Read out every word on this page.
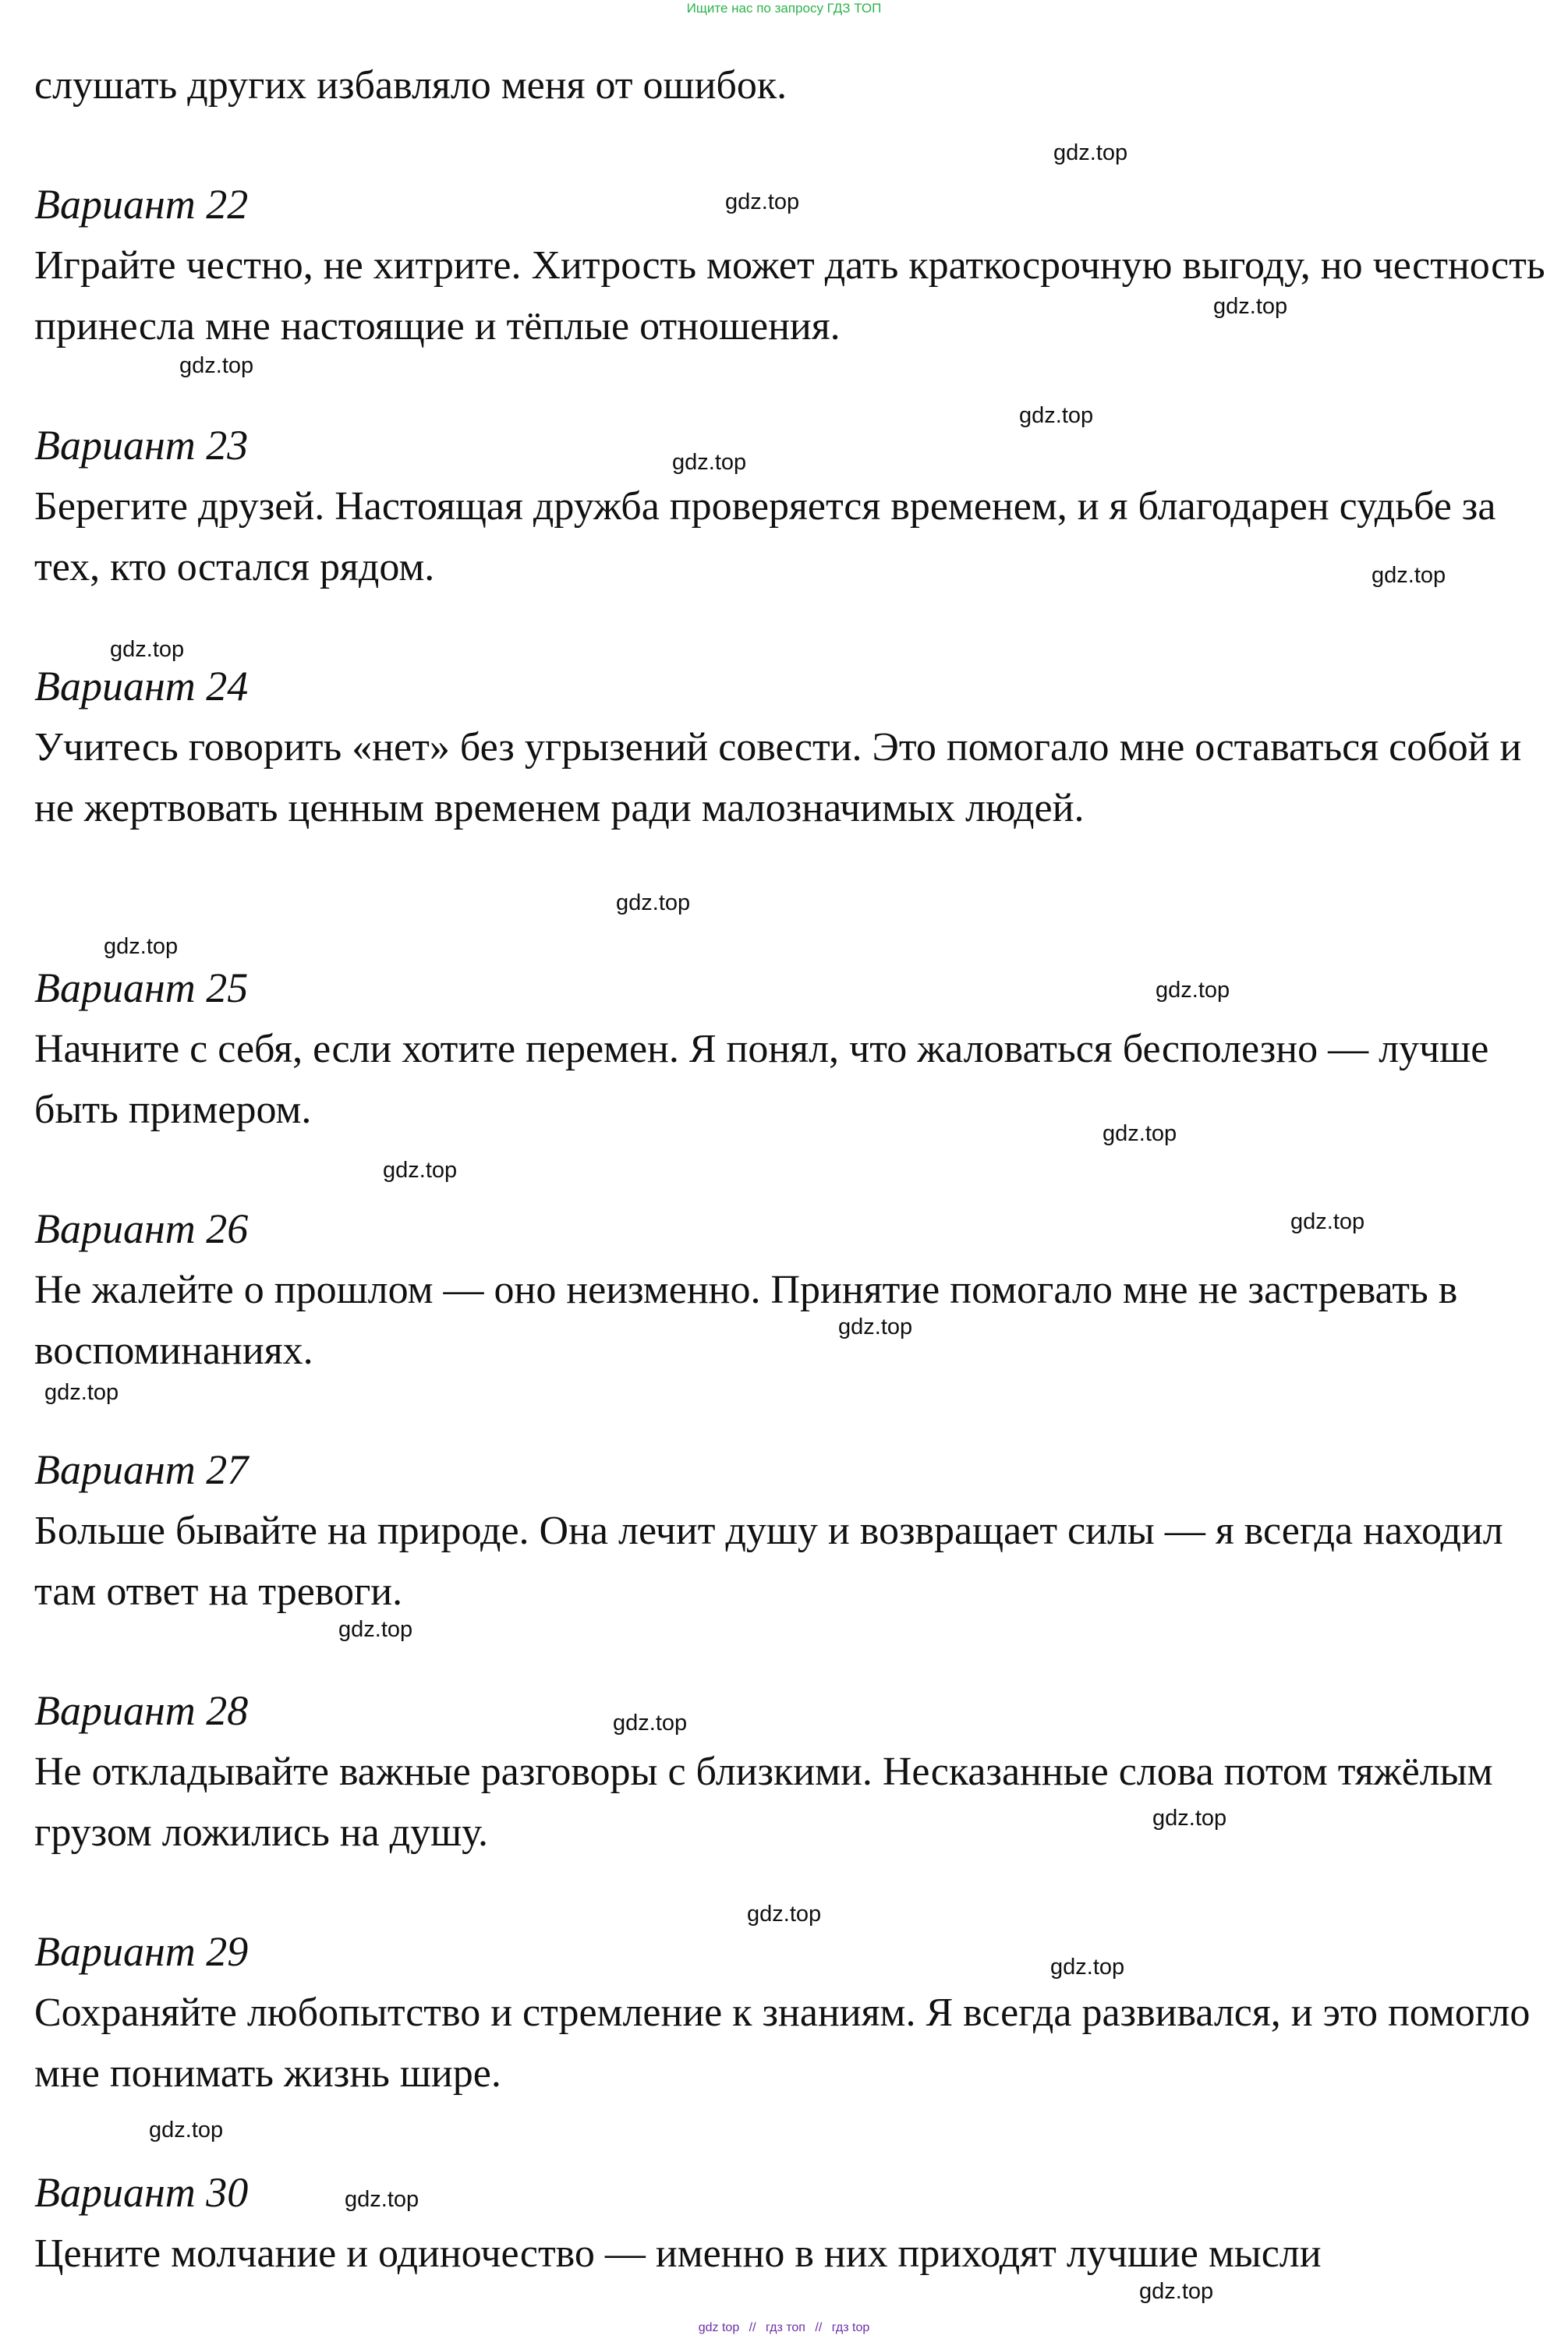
Ищите нас по запросу ГДЗ ТОП

слушать других избавляло меня от ошибок.

Вариант 22

Играйте честно, не хитрите. Хитрость может дать краткосрочную выгоду, но честность принесла мне настоящие и тёплые отношения.

Вариант 23

Берегите друзей. Настоящая дружба проверяется временем, и я благодарен судьбе за тех, кто остался рядом.

Вариант 24

Учитесь говорить «нет» без угрызений совести. Это помогало мне оставаться собой и не жертвовать ценным временем ради малозначимых людей.

Вариант 25

Начните с себя, если хотите перемен. Я понял, что жаловаться бесполезно — лучше быть примером.

Вариант 26

Не жалейте о прошлом — оно неизменно. Принятие помогало мне не застревать в воспоминаниях.

Вариант 27

Больше бывайте на природе. Она лечит душу и возвращает силы — я всегда находил там ответ на тревоги.

Вариант 28

Не откладывайте важные разговоры с близкими. Несказанные слова потом тяжёлым грузом ложились на душу.

Вариант 29

Сохраняйте любопытство и стремление к знаниям. Я всегда развивался, и это помогло мне понимать жизнь шире.

Вариант 30

Цените молчание и одиночество — именно в них приходят лучшие мысли

gdz.top

gdz.top

gdz.top

gdz.top

gdz.top

gdz.top

gdz.top

gdz.top

gdz.top

gdz.top

gdz.top

gdz.top

gdz.top

gdz.top

gdz.top

gdz.top

gdz.top

gdz.top

gdz.top

gdz.top

gdz.top

gdz.top

gdz.top

gdz.top

gdz top // гдз топ // гдз top
